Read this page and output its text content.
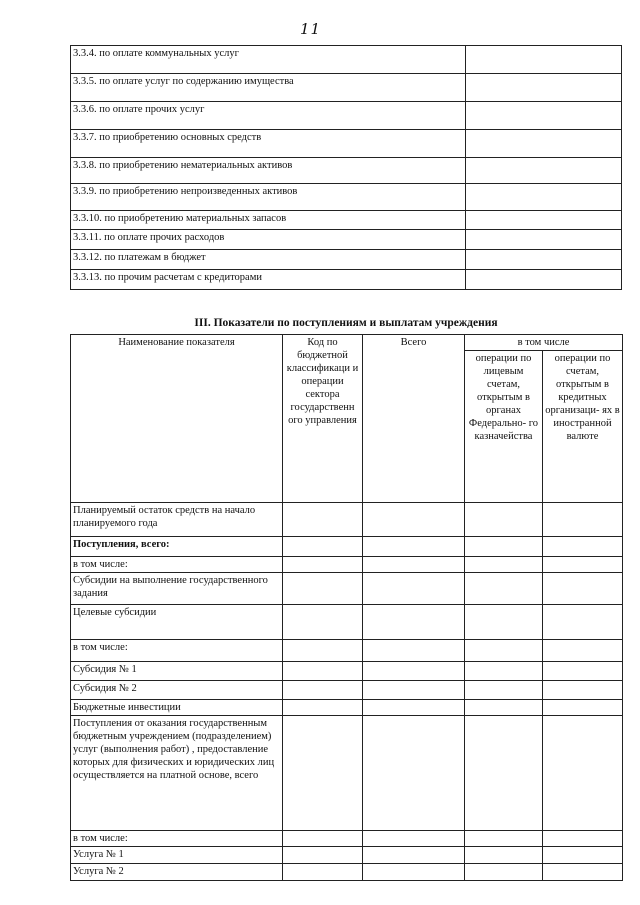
11
3.3.4. по оплате коммунальных услуг	
3.3.5. по оплате услуг по содержанию имущества	
3.3.6. по оплате прочих услуг	
3.3.7. по приобретению основных средств	
3.3.8. по приобретению нематериальных активов	
3.3.9. по приобретению непроизведенных активов	
3.3.10. по приобретению материальных запасов	
3.3.11. по оплате прочих расходов	
3.3.12. по платежам в бюджет	
3.3.13. по прочим расчетам с кредиторами	
III. Показатели по поступлениям и выплатам учреждения
Наименование показателя	Код по бюджетной классификаци и операции сектора государственн ого управления	Всего	в том числе	
			операции по лицевым счетам, открытым в органах Федерально- го казначейства	операции по счетам, открытым в кредитных организаци- ях в иностранной валюте
Планируемый остаток средств на начало планируемого года				
Поступления, всего:				
в том числе:				
Субсидии на выполнение государственного задания				
Целевые субсидии				
в том числе:				
Субсидия № 1				
Субсидия № 2				
Бюджетные инвестиции				
Поступления от оказания государственным бюджетным учреждением (подразделением) услуг (выполнения работ) , предоставление которых для физических и юридических лиц осуществляется на платной основе, всего				
в том числе:				
Услуга № 1				
Услуга № 2				
